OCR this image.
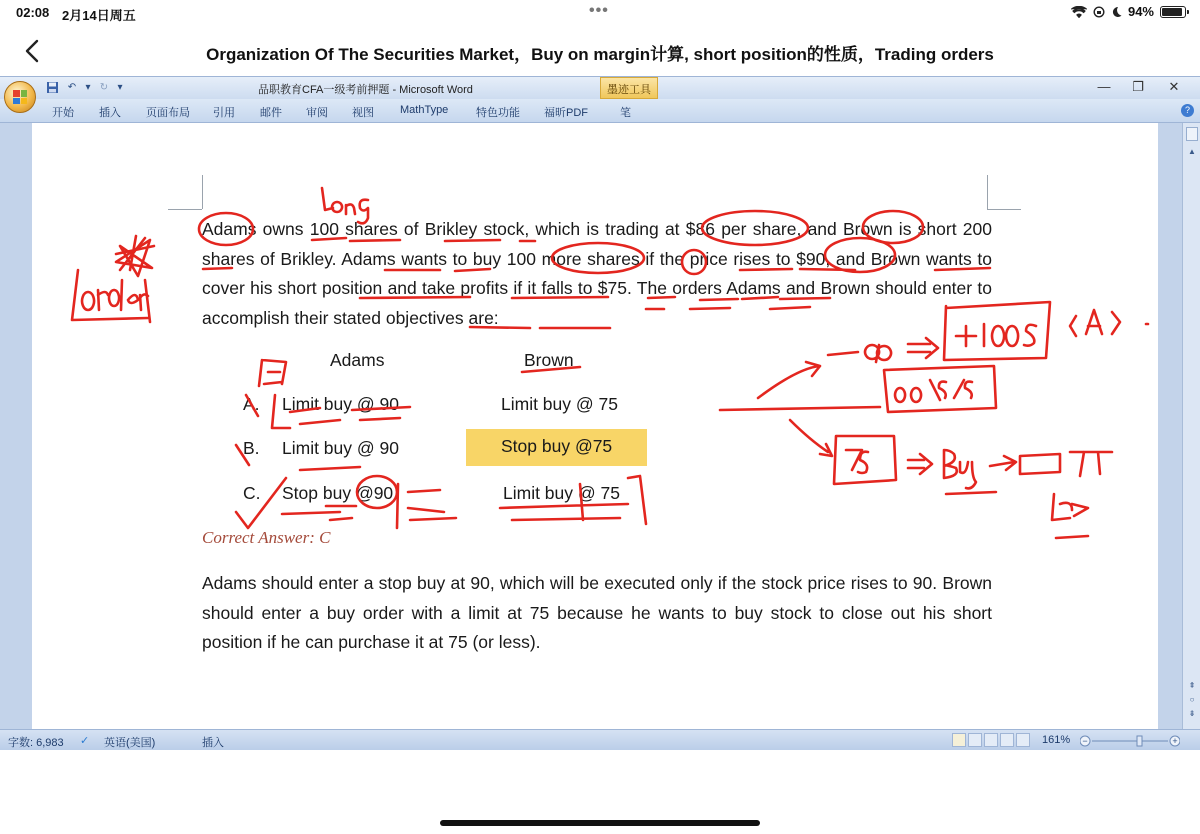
02:08 2月14日周五	•••	94%
Organization Of The Securities Market，Buy on margin计算, short position的性质，Trading orders
↶ ▾ ↻ ▾	品职教育CFA一级考前押题 - Microsoft Word	墨迹工具	—	❐	✕
开始 插入 页面布局 引用 邮件 审阅 视图 MathType	特色功能 福昕PDF	笔	?
Adams owns 100 shares of Brikley stock, which is trading at $86 per share, and Brown is short 200 shares of Brikley. Adams wants to buy 100 more shares if the price rises to $90, and Brown wants to cover his short position and take profits if it falls to $75. The orders Adams and Brown should enter to accomplish their stated objectives are:
Adams	Brown
A. Limit buy @ 90	Limit buy @ 75
B. Limit buy @ 90	Stop buy @75
C. Stop buy @90	Limit buy @ 75
Correct Answer: C
Adams should enter a stop buy at 90, which will be executed only if the stock price rises to 90. Brown should enter a buy order with a limit at 75 because he wants to buy stock to close out his short position if he can purchase it at 75 (or less).
▲
⇞
○
⇟
字数: 6,983 ✓ 英语(美国)	插入	161% −	+
